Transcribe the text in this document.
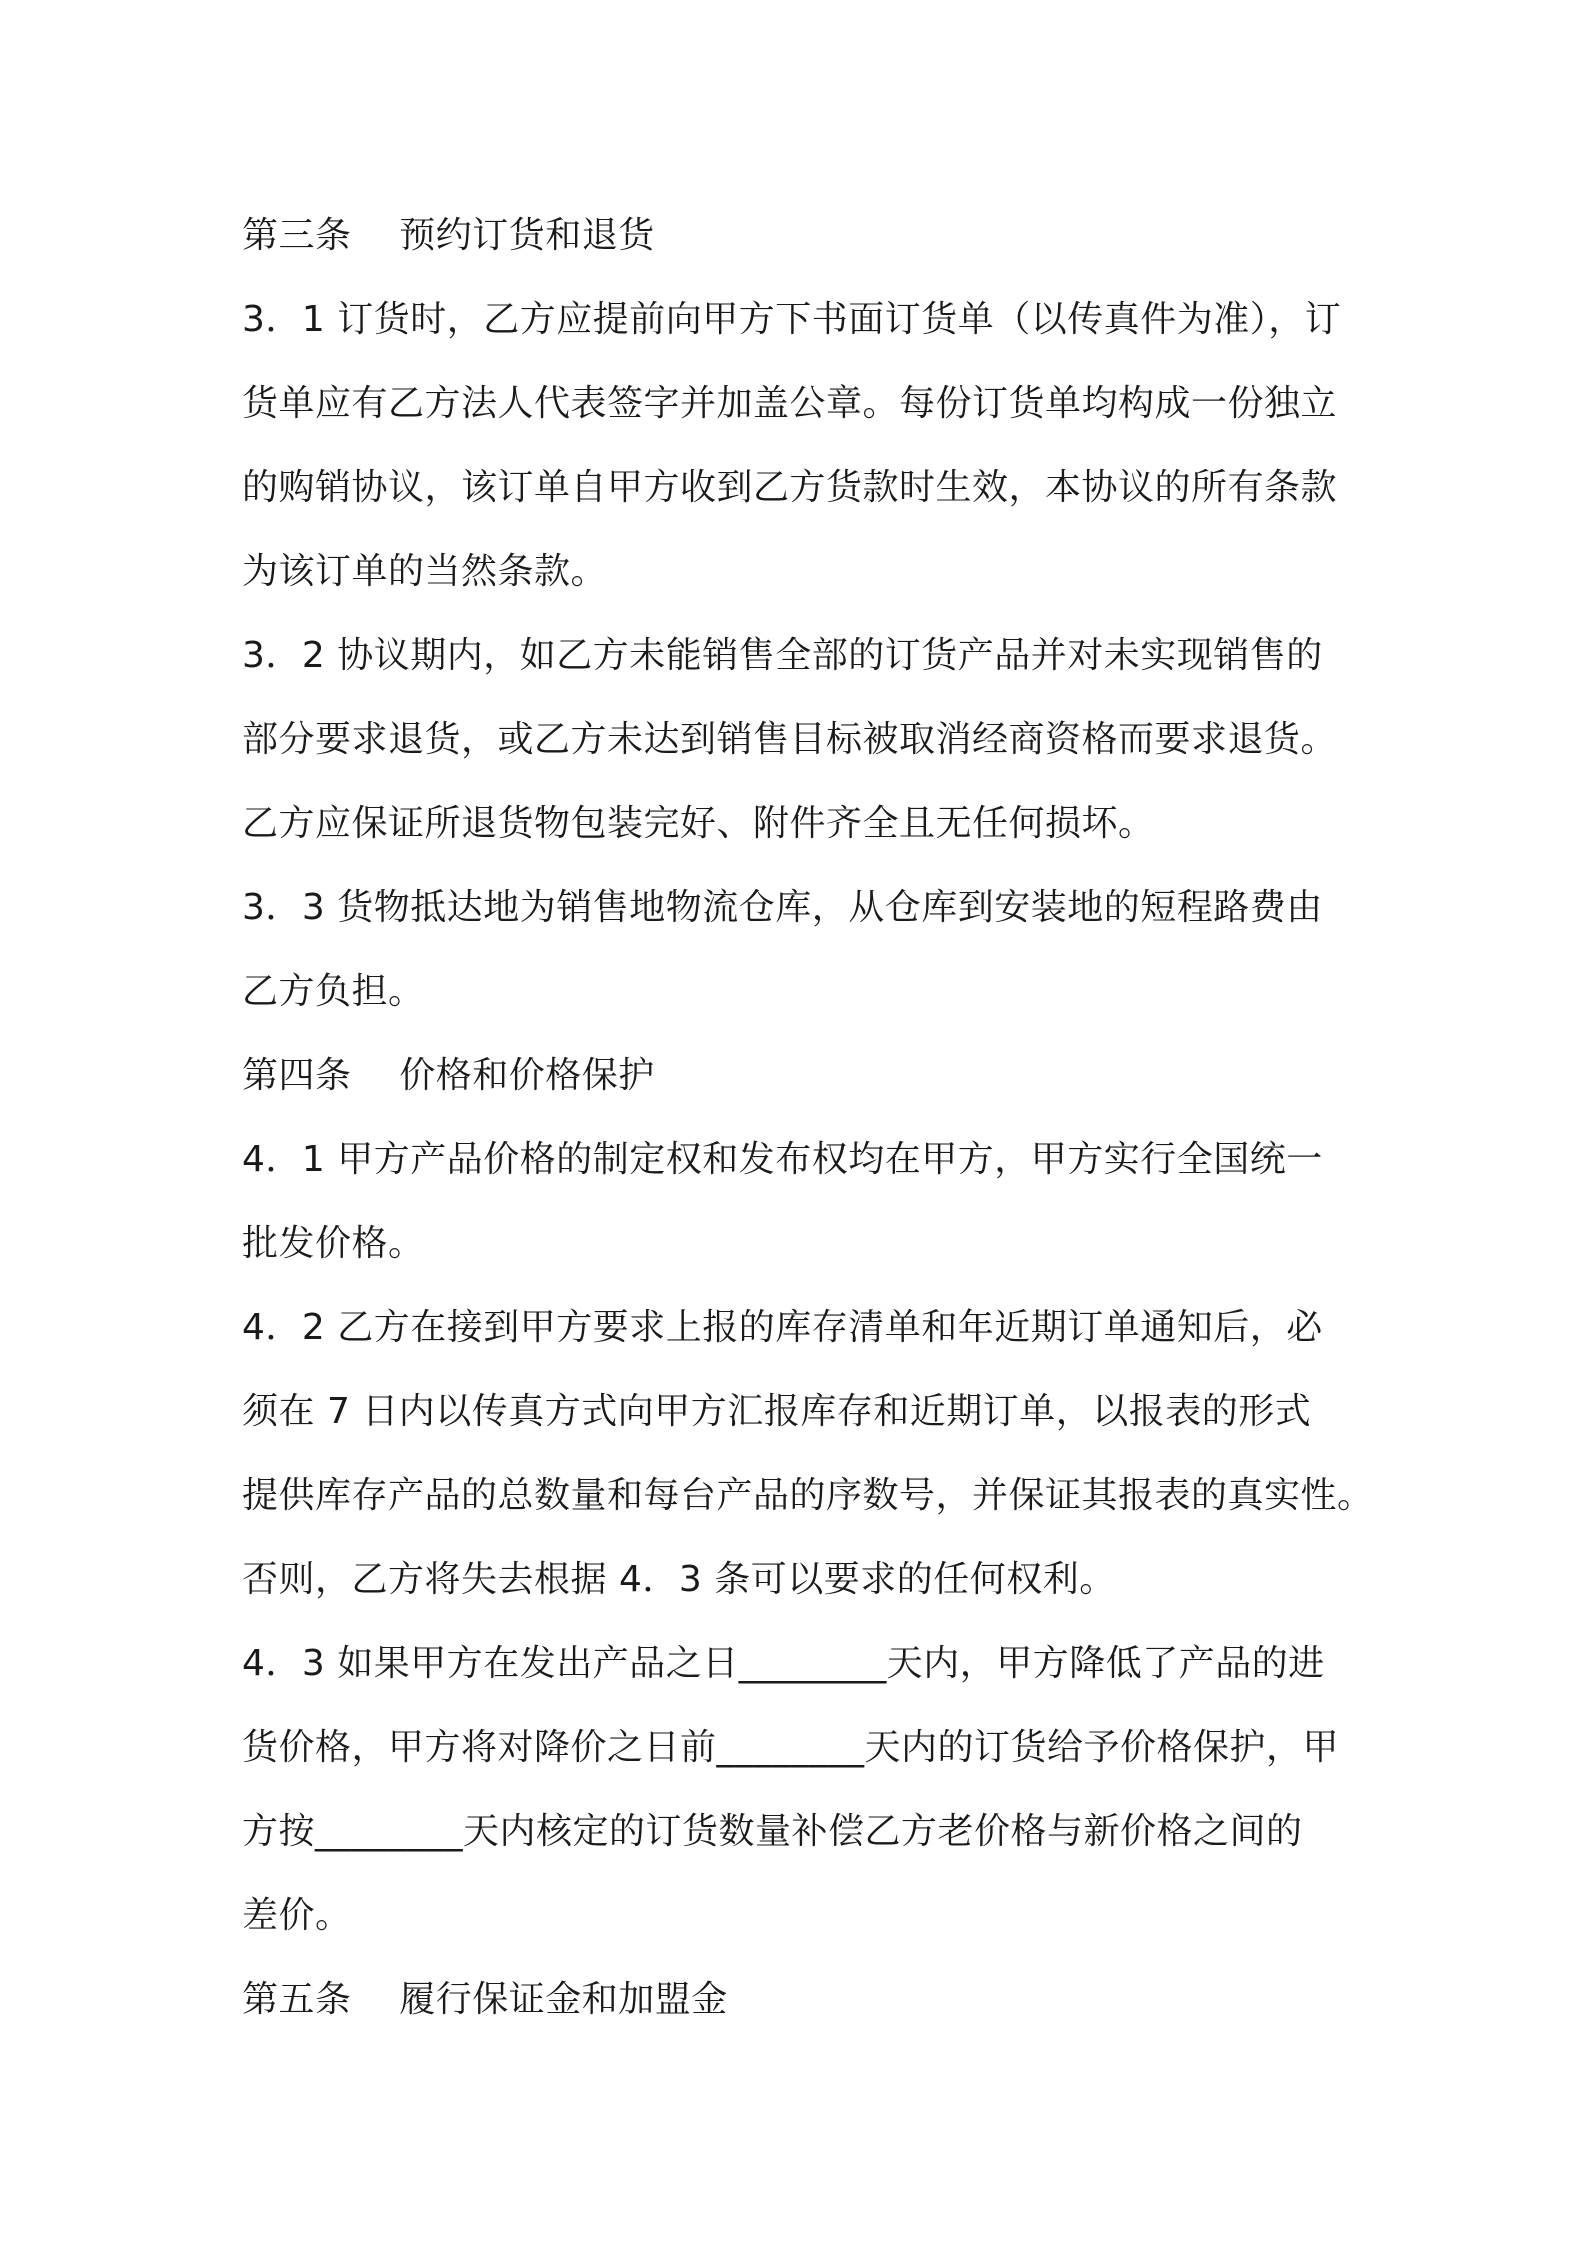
第三条    预约订货和退货
3．1 订货时，乙方应提前向甲方下书面订货单（以传真件为准），订
货单应有乙方法人代表签字并加盖公章。每份订货单均构成一份独立
的购销协议，该订单自甲方收到乙方货款时生效，本协议的所有条款
为该订单的当然条款。
3．2 协议期内，如乙方未能销售全部的订货产品并对未实现销售的
部分要求退货，或乙方未达到销售目标被取消经商资格而要求退货。
乙方应保证所退货物包装完好、附件齐全且无任何损坏。
3．3 货物抵达地为销售地物流仓库，从仓库到安装地的短程路费由
乙方负担。
第四条    价格和价格保护
4．1 甲方产品价格的制定权和发布权均在甲方，甲方实行全国统一
批发价格。
4．2 乙方在接到甲方要求上报的库存清单和年近期订单通知后，必
须在 7 日内以传真方式向甲方汇报库存和近期订单，以报表的形式
提供库存产品的总数量和每台产品的序数号，并保证其报表的真实性。
否则，乙方将失去根据 4．3 条可以要求的任何权利。
4．3 如果甲方在发出产品之日________天内，甲方降低了产品的进
货价格，甲方将对降价之日前________天内的订货给予价格保护，甲
方按________天内核定的订货数量补偿乙方老价格与新价格之间的
差价。
第五条    履行保证金和加盟金
